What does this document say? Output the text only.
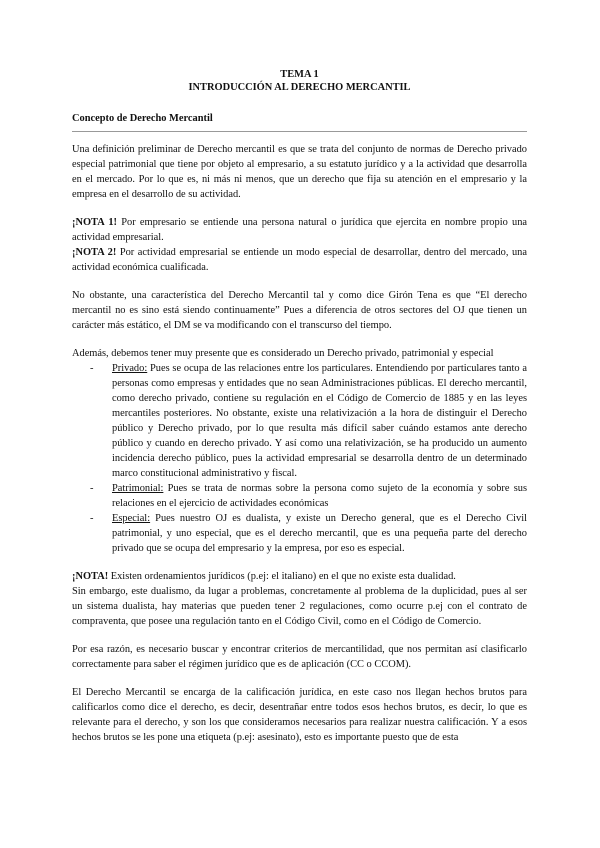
TEMA 1
INTRODUCCIÓN AL DERECHO MERCANTIL
Concepto de Derecho Mercantil

Una definición preliminar de Derecho mercantil es que se trata del conjunto de normas de Derecho privado especial patrimonial que tiene por objeto al empresario, a su estatuto jurídico y a la actividad que desarrolla en el mercado. Por lo que es, ni más ni menos, que un derecho que fija su atención en el empresario y la empresa en el desarrollo de su actividad.

¡NOTA 1! Por empresario se entiende una persona natural o jurídica que ejercita en nombre propio una actividad empresarial.

¡NOTA 2! Por actividad empresarial se entiende un modo especial de desarrollar, dentro del mercado, una actividad económica cualificada.

No obstante, una característica del Derecho Mercantil tal y como dice Girón Tena es que “El derecho mercantil no es sino está siendo continuamente” Pues a diferencia de otros sectores del OJ que tienen un carácter más estático, el DM se va modificando con el transcurso del tiempo.

Además, debemos tener muy presente que es considerado un Derecho privado, patrimonial y especial

- Privado: Pues se ocupa de las relaciones entre los particulares. Entendiendo por particulares tanto a personas como empresas y entidades que no sean Administraciones públicas. El derecho mercantil, como derecho privado, contiene su regulación en el Código de Comercio de 1885 y en las leyes mercantiles posteriores. No obstante, existe una relativización a la hora de distinguir el Derecho público y Derecho privado, por lo que resulta más difícil saber cuándo estamos ante derecho público y cuando en derecho privado. Y así como una relativización, se ha producido un aumento incidencia derecho público, pues la actividad empresarial se desarrolla dentro de un determinado marco constitucional administrativo y fiscal.
- Patrimonial: Pues se trata de normas sobre la persona como sujeto de la economía y sobre sus relaciones en el ejercicio de actividades económicas
- Especial: Pues nuestro OJ es dualista, y existe un Derecho general, que es el Derecho Civil patrimonial, y uno especial, que es el derecho mercantil, que es una pequeña parte del derecho privado que se ocupa del empresario y la empresa, por eso es especial.

¡NOTA! Existen ordenamientos jurídicos (p.ej: el italiano) en el que no existe esta dualidad.

Sin embargo, este dualismo, da lugar a problemas, concretamente al problema de la duplicidad, pues al ser un sistema dualista, hay materias que pueden tener 2 regulaciones, como ocurre p.ej con el contrato de compraventa, que posee una regulación tanto en el Código Civil, como en el Código de Comercio.

Por esa razón, es necesario buscar y encontrar criterios de mercantilidad, que nos permitan así clasificarlo correctamente para saber el régimen jurídico que es de aplicación (CC o CCOM).

El Derecho Mercantil se encarga de la calificación jurídica, en este caso nos llegan hechos brutos para calificarlos como dice el derecho, es decir, desentrañar entre todos esos hechos brutos, es decir, lo que es relevante para el derecho, y son los que consideramos necesarios para realizar nuestra calificación. Y a esos hechos brutos se les pone una etiqueta (p.ej: asesinato), esto es importante puesto que de esta
